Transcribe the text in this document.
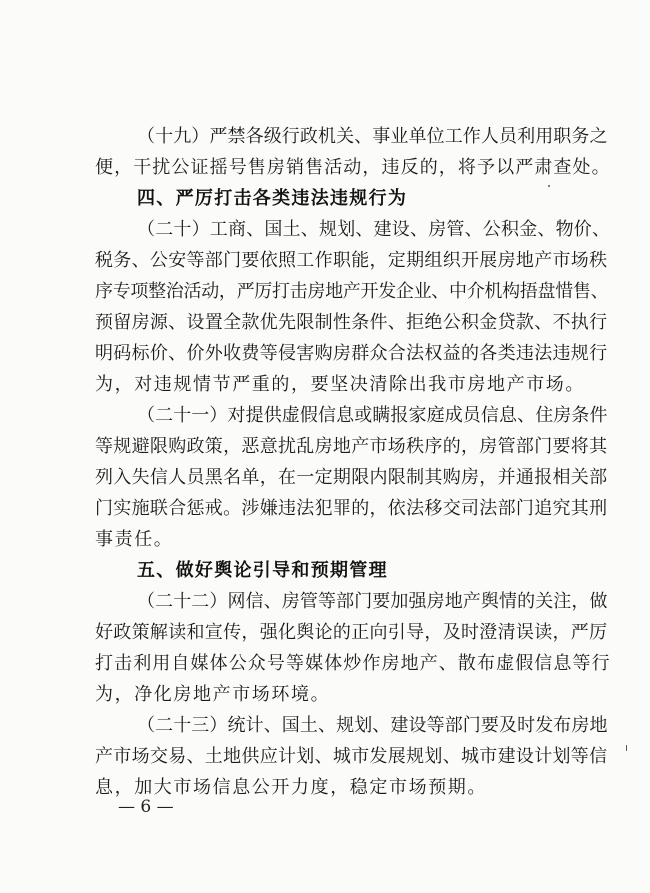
（十九）严禁各级行政机关、事业单位工作人员利用职务之
便，干扰公证摇号售房销售活动，违反的，将予以严肃查处。
四、严厉打击各类违法违规行为
（二十）工商、国土、规划、建设、房管、公积金、物价、
税务、公安等部门要依照工作职能，定期组织开展房地产市场秩
序专项整治活动，严厉打击房地产开发企业、中介机构捂盘惜售、
预留房源、设置全款优先限制性条件、拒绝公积金贷款、不执行
明码标价、价外收费等侵害购房群众合法权益的各类违法违规行
为，对违规情节严重的，要坚决清除出我市房地产市场。
（二十一）对提供虚假信息或瞒报家庭成员信息、住房条件
等规避限购政策，恶意扰乱房地产市场秩序的，房管部门要将其
列入失信人员黑名单，在一定期限内限制其购房，并通报相关部
门实施联合惩戒。涉嫌违法犯罪的，依法移交司法部门追究其刑
事责任。
五、做好舆论引导和预期管理
（二十二）网信、房管等部门要加强房地产舆情的关注，做
好政策解读和宣传，强化舆论的正向引导，及时澄清误读，严厉
打击利用自媒体公众号等媒体炒作房地产、散布虚假信息等行
为，净化房地产市场环境。
（二十三）统计、国土、规划、建设等部门要及时发布房地
产市场交易、土地供应计划、城市发展规划、城市建设计划等信
息，加大市场信息公开力度，稳定市场预期。
— 6 —
